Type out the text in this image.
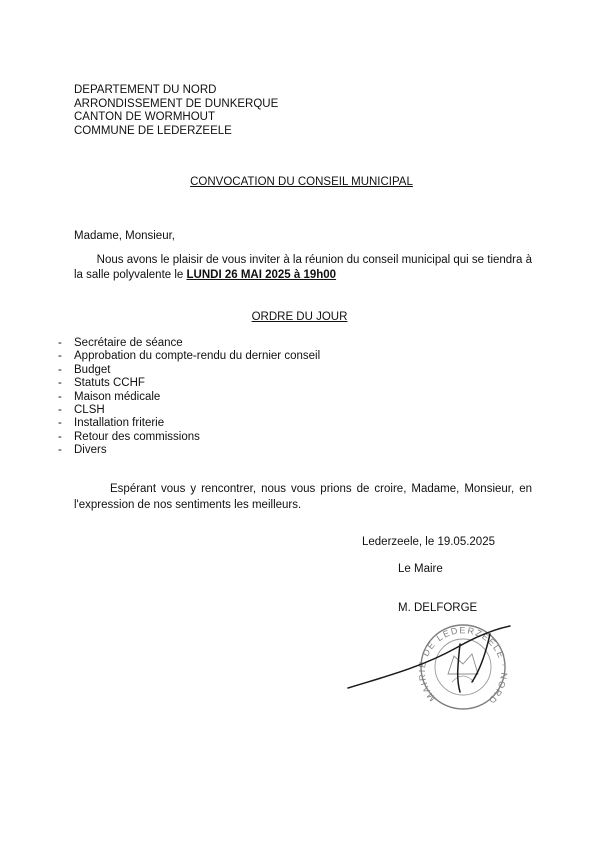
DEPARTEMENT DU NORD
ARRONDISSEMENT DE DUNKERQUE
CANTON DE WORMHOUT
COMMUNE DE LEDERZEELE
CONVOCATION DU CONSEIL MUNICIPAL
Madame, Monsieur,
Nous avons le plaisir de vous inviter à la réunion du conseil municipal qui se tiendra à
la salle polyvalente le LUNDI 26 MAI 2025 à 19h00
ORDRE DU JOUR
- Secrétaire de séance
- Approbation du compte-rendu du dernier conseil
- Budget
- Statuts CCHF
- Maison médicale
- CLSH
- Installation friterie
- Retour des commissions
- Divers
Espérant vous y rencontrer, nous vous prions de croire, Madame, Monsieur, en
l'expression de nos sentiments les meilleurs.
Lederzeele, le 19.05.2025
Le Maire
M. DELFORGE
MAIRIE DE LEDERZEELE · NORD
